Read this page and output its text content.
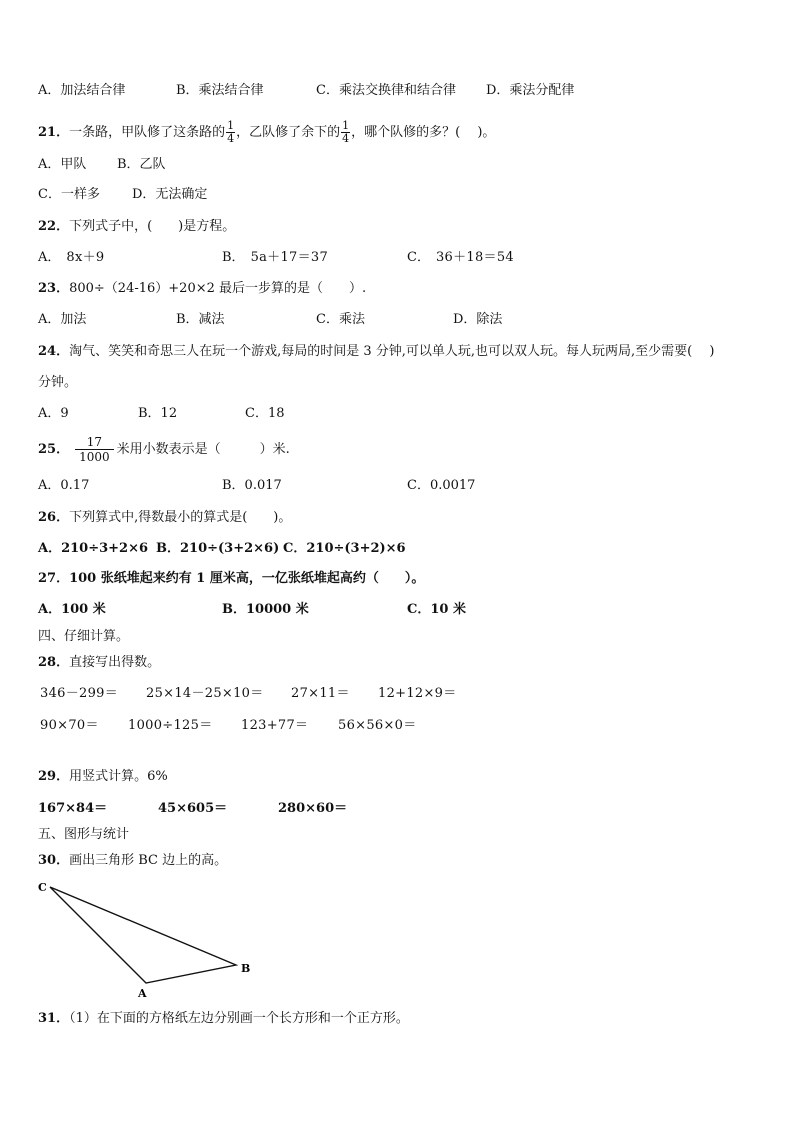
A．加法结合律	B．乘法结合律	C．乘法交换律和结合律 D．乘法分配律
21．一条路，甲队修了这条路的 $\frac{1}{4}$ ，乙队修了余下的 $\frac{1}{4}$ ，哪个队修的多？(　 )。
A．甲队 B．乙队
C．一样多 D．无法确定
22．下列式子中，(　　)是方程。
A． 8x＋9	B． 5a＋17＝37	C． 36＋18＝54
23．800÷（24-16）+20×2 最后一步算的是（　　）.
A．加法	B．减法	C．乘法	D．除法
24．淘气、笑笑和奇思三人在玩一个游戏,每局的时间是 3 分钟,可以单人玩,也可以双人玩。每人玩两局,至少需要(　 )
分钟。
A．9	B．12	C．18
25． $\frac{17}{1000}$ 米用小数表示是（　　　）米.
A．0.17	B．0.017	C．0.0017
26．下列算式中,得数最小的算式是(　　)。
A．210÷3+2×6 B．210÷(3+2×6) C．210÷(3+2)×6
27．100 张纸堆起来约有 1 厘米高，一亿张纸堆起高约（　　）。
A．100 米	B．10000 米	C．10 米
四、仔细计算。
28．直接写出得数。
346－299＝ 25×14－25×10＝ 27×11＝ 12+12×9＝
90×70＝ 1000÷125＝ 123+77＝ 56×56×0＝
29．用竖式计算。6%
167×84＝	45×605＝	280×60＝
五、图形与统计
30．画出三角形 BC 边上的高。
C
A
B
31．（1）在下面的方格纸左边分别画一个长方形和一个正方形。
